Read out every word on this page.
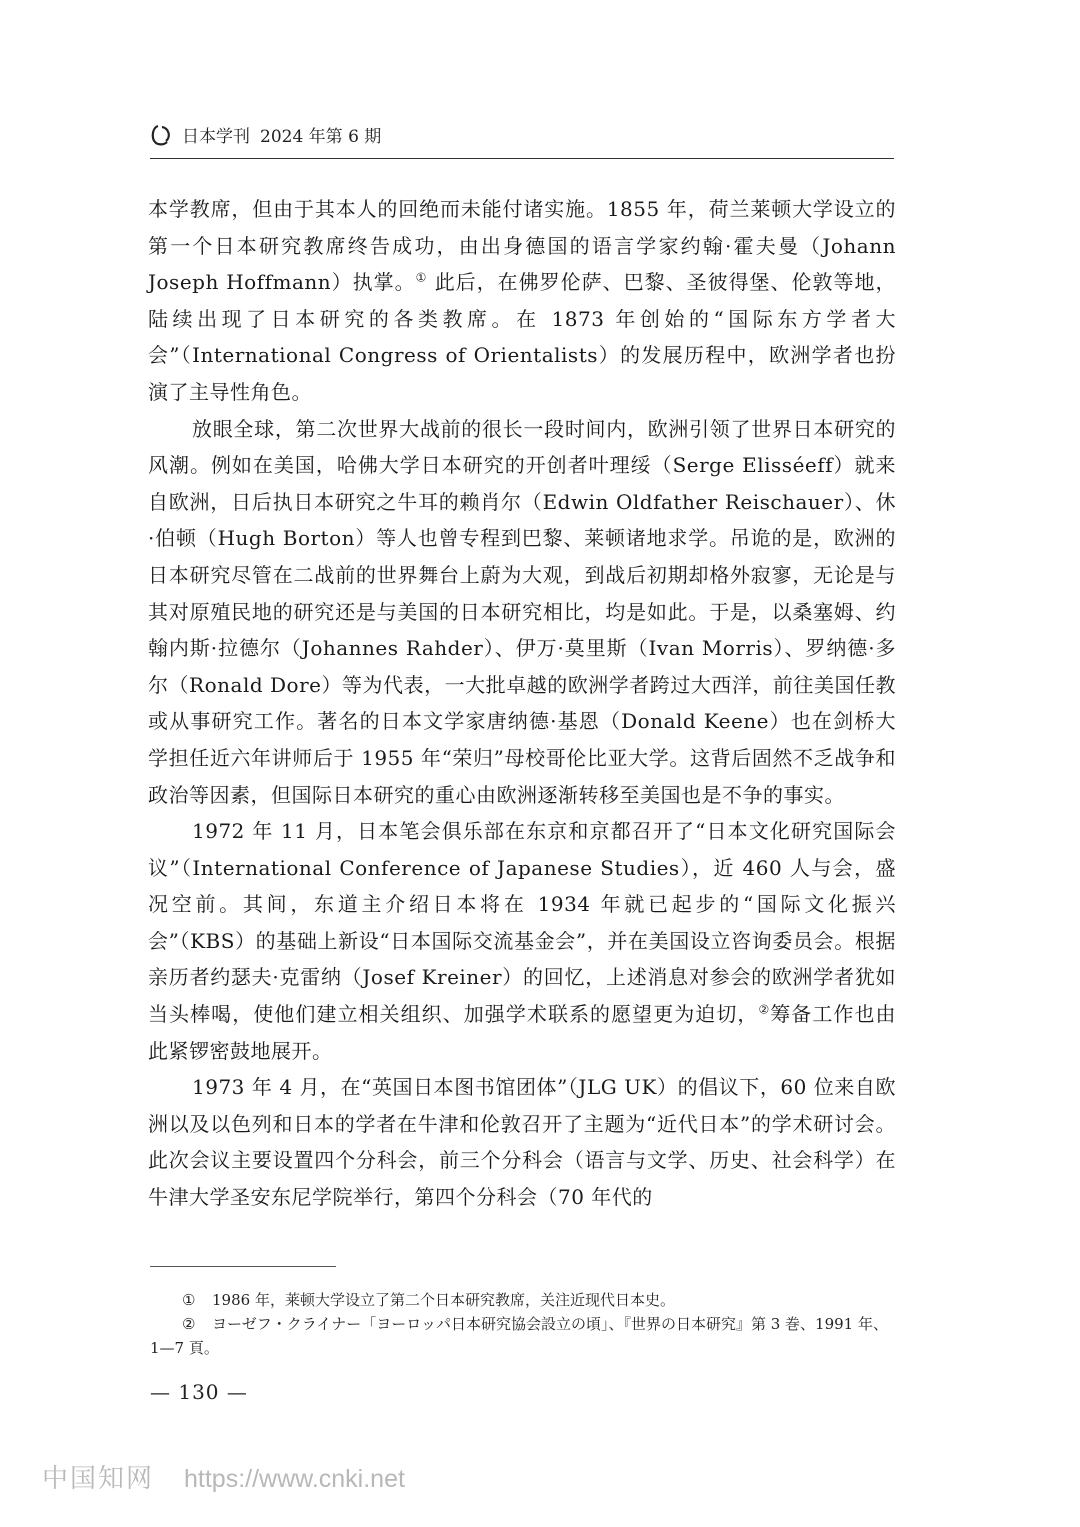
日本学刊 2024 年第 6 期

本学教席，但由于其本人的回绝而未能付诸实施。1855 年，荷兰莱顿大学设立的第一个日本研究教席终告成功，由出身德国的语言学家约翰·霍夫曼（Johann Joseph Hoffmann）执掌。① 此后，在佛罗伦萨、巴黎、圣彼得堡、伦敦等地，陆续出现了日本研究的各类教席。在 1873 年创始的“国际东方学者大会”（International Congress of Orientalists）的发展历程中，欧洲学者也扮演了主导性角色。

放眼全球，第二次世界大战前的很长一段时间内，欧洲引领了世界日本研究的风潮。例如在美国，哈佛大学日本研究的开创者叶理绥（Serge Elisséeff）就来自欧洲，日后执日本研究之牛耳的赖肖尔（Edwin Oldfather Reischauer）、休·伯顿（Hugh Borton）等人也曾专程到巴黎、莱顿诸地求学。吊诡的是，欧洲的日本研究尽管在二战前的世界舞台上蔚为大观，到战后初期却格外寂寥，无论是与其对原殖民地的研究还是与美国的日本研究相比，均是如此。于是，以桑塞姆、约翰内斯·拉德尔（Johannes Rahder）、伊万·莫里斯（Ivan Morris）、罗纳德·多尔（Ronald Dore）等为代表，一大批卓越的欧洲学者跨过大西洋，前往美国任教或从事研究工作。著名的日本文学家唐纳德·基恩（Donald Keene）也在剑桥大学担任近六年讲师后于 1955 年“荣归”母校哥伦比亚大学。这背后固然不乏战争和政治等因素，但国际日本研究的重心由欧洲逐渐转移至美国也是不争的事实。

1972 年 11 月，日本笔会俱乐部在东京和京都召开了“日本文化研究国际会议”（International Conference of Japanese Studies），近 460 人与会，盛况空前。其间，东道主介绍日本将在 1934 年就已起步的“国际文化振兴会”（KBS）的基础上新设“日本国际交流基金会”，并在美国设立咨询委员会。根据亲历者约瑟夫·克雷纳（Josef Kreiner）的回忆，上述消息对参会的欧洲学者犹如当头棒喝，使他们建立相关组织、加强学术联系的愿望更为迫切，②筹备工作也由此紧锣密鼓地展开。

1973 年 4 月，在“英国日本图书馆团体”（JLG UK）的倡议下，60 位来自欧洲以及以色列和日本的学者在牛津和伦敦召开了主题为“近代日本”的学术研讨会。此次会议主要设置四个分科会，前三个分科会（语言与文学、历史、社会科学）在牛津大学圣安东尼学院举行，第四个分科会（70 年代的

① 1986 年，莱顿大学设立了第二个日本研究教席，关注近现代日本史。

② ヨーゼフ・クライナー「ヨーロッパ日本研究協会設立の頃」、『世界の日本研究』第 3 巻、1991 年、1—7 頁。

— 130 —
中国知网 https://www.cnki.net
